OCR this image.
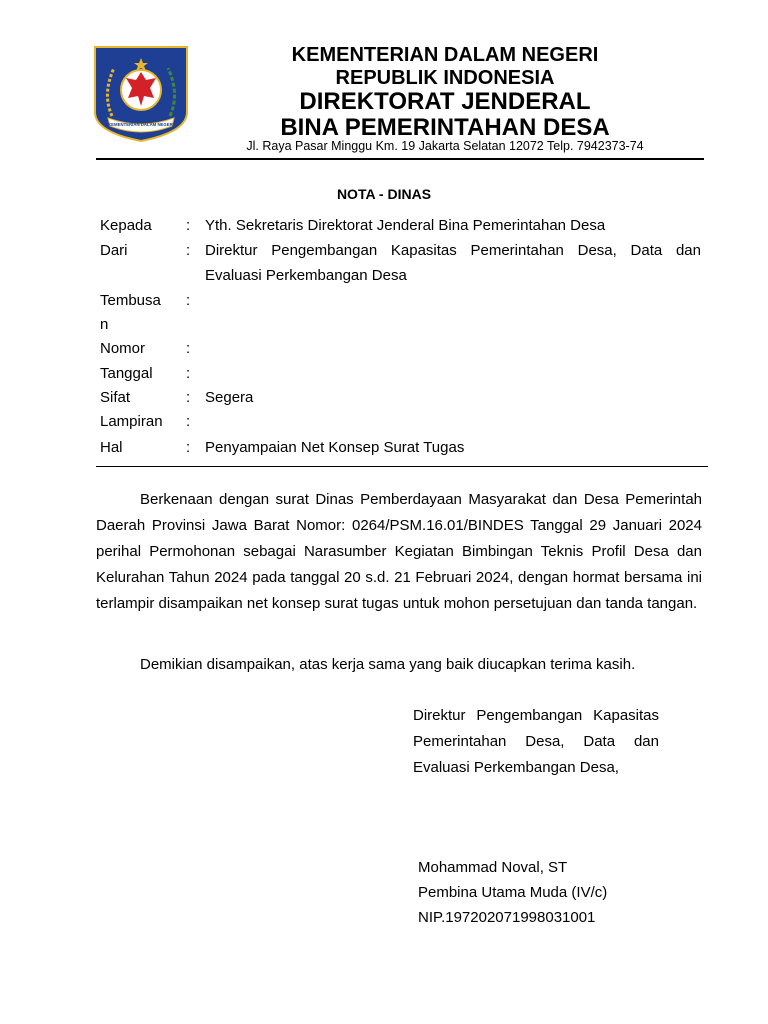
KEMENTERIAN DALAM NEGERI
KEMENTERIAN DALAM NEGERI
REPUBLIK INDONESIA
DIREKTORAT JENDERAL
BINA PEMERINTAHAN DESA
Jl. Raya Pasar Minggu Km. 19 Jakarta Selatan 12072 Telp. 7942373-74
NOTA - DINAS
Kepada	: Yth. Sekretaris Direktorat Jenderal Bina Pemerintahan Desa
Dari	: Direktur Pengembangan Kapasitas Pemerintahan Desa, Data dan
Evaluasi Perkembangan Desa
Tembusa	:
n
Nomor	:
Tanggal	:
Sifat	: Segera
Lampiran	:
Hal	: Penyampaian Net Konsep Surat Tugas
Berkenaan dengan surat Dinas Pemberdayaan Masyarakat dan Desa Pemerintah Daerah Provinsi Jawa Barat Nomor: 0264/PSM.16.01/BINDES Tanggal 29 Januari 2024 perihal Permohonan sebagai Narasumber Kegiatan Bimbingan Teknis Profil Desa dan Kelurahan Tahun 2024 pada tanggal 20 s.d. 21 Februari 2024, dengan hormat bersama ini terlampir disampaikan net konsep surat tugas untuk mohon persetujuan dan tanda tangan.
Demikian disampaikan, atas kerja sama yang baik diucapkan terima kasih.
Direktur Pengembangan Kapasitas
Pemerintahan Desa, Data dan
Evaluasi Perkembangan Desa,
Mohammad Noval, ST
Pembina Utama Muda (IV/c)
NIP.197202071998031001
